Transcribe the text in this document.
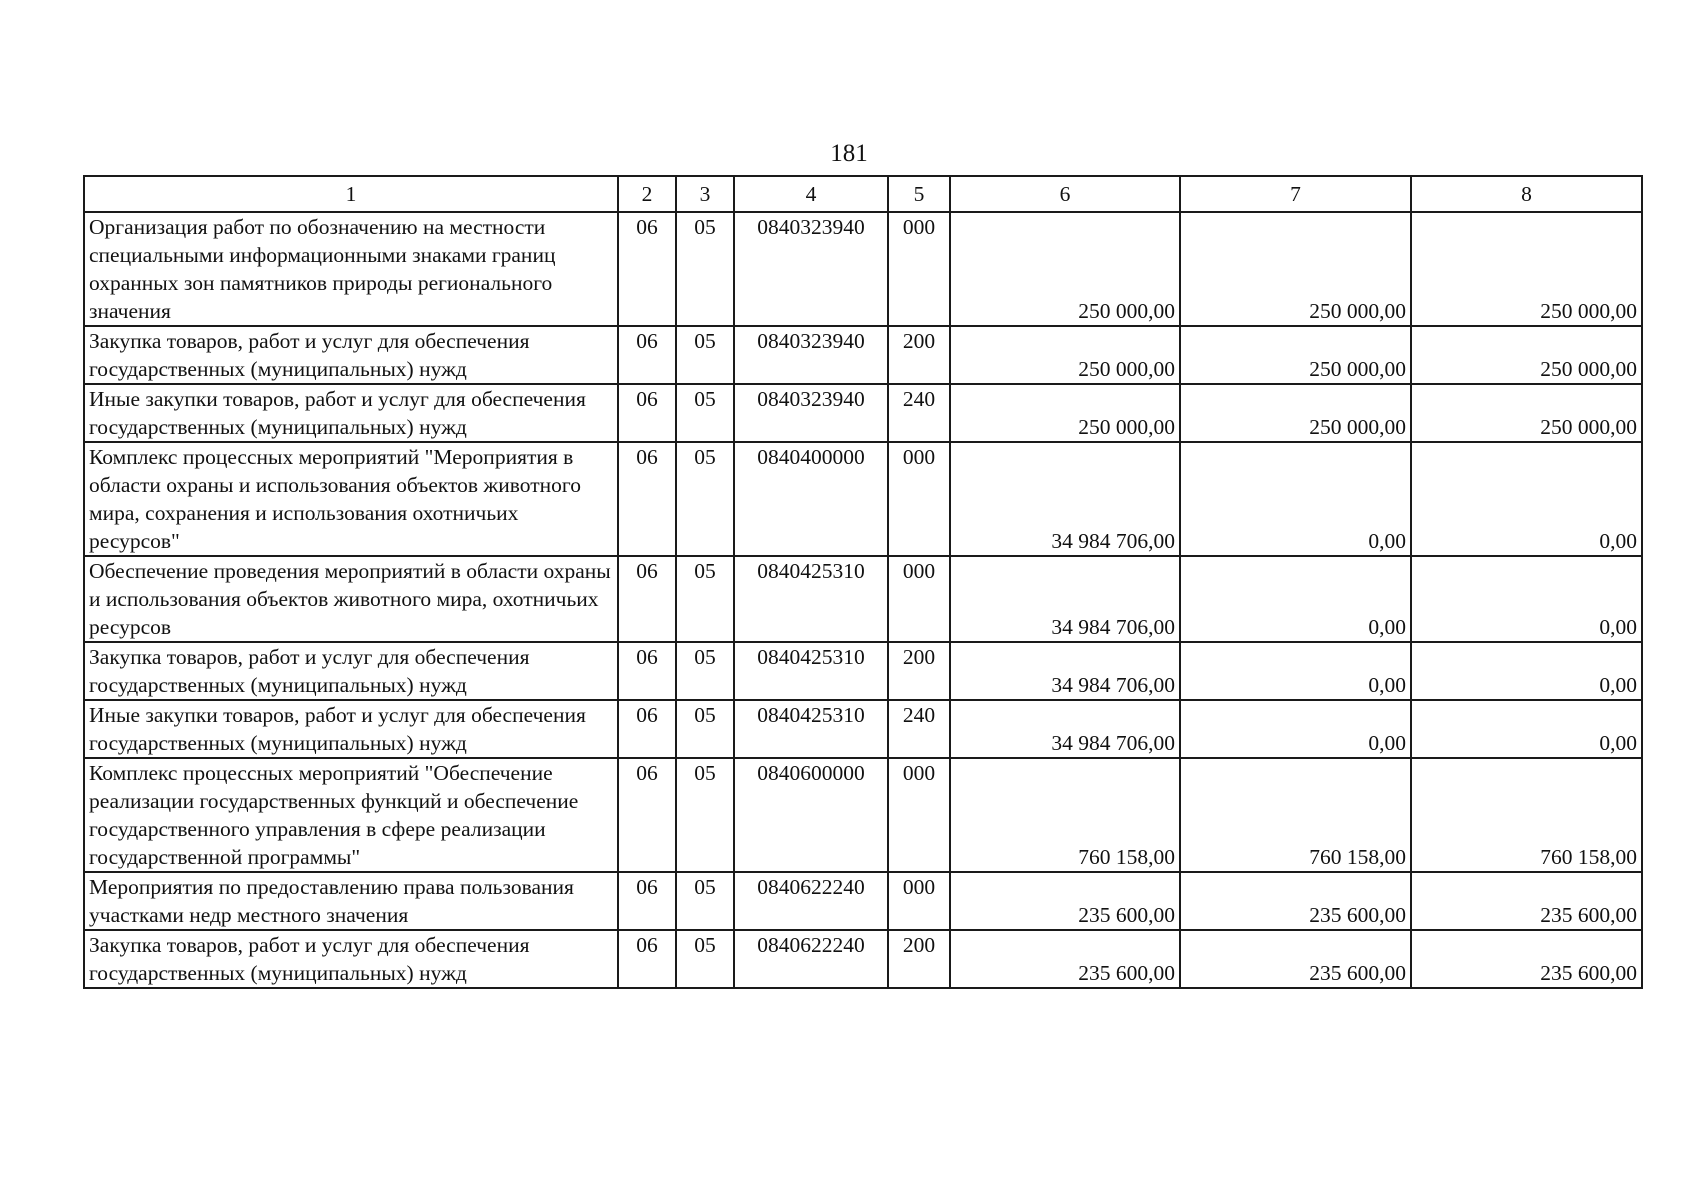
181
1	2	3	4	5	6	7	8
Организация работ по обозначению на местности специальными информационными знаками границ охранных зон памятников природы регионального значения	06	05	0840323940	000	250 000,00	250 000,00	250 000,00
Закупка товаров, работ и услуг для обеспечения государственных (муниципальных) нужд	06	05	0840323940	200	250 000,00	250 000,00	250 000,00
Иные закупки товаров, работ и услуг для обеспечения государственных (муниципальных) нужд	06	05	0840323940	240	250 000,00	250 000,00	250 000,00
Комплекс процессных мероприятий "Мероприятия в области охраны и использования объектов животного мира, сохранения и использования охотничьих ресурсов"	06	05	0840400000	000	34 984 706,00	0,00	0,00
Обеспечение проведения мероприятий в области охраны и использования объектов животного мира, охотничьих ресурсов	06	05	0840425310	000	34 984 706,00	0,00	0,00
Закупка товаров, работ и услуг для обеспечения государственных (муниципальных) нужд	06	05	0840425310	200	34 984 706,00	0,00	0,00
Иные закупки товаров, работ и услуг для обеспечения государственных (муниципальных) нужд	06	05	0840425310	240	34 984 706,00	0,00	0,00
Комплекс процессных мероприятий "Обеспечение реализации государственных функций и обеспечение государственного управления в сфере реализации государственной программы"	06	05	0840600000	000	760 158,00	760 158,00	760 158,00
Мероприятия по предоставлению права пользования участками недр местного значения	06	05	0840622240	000	235 600,00	235 600,00	235 600,00
Закупка товаров, работ и услуг для обеспечения государственных (муниципальных) нужд	06	05	0840622240	200	235 600,00	235 600,00	235 600,00
